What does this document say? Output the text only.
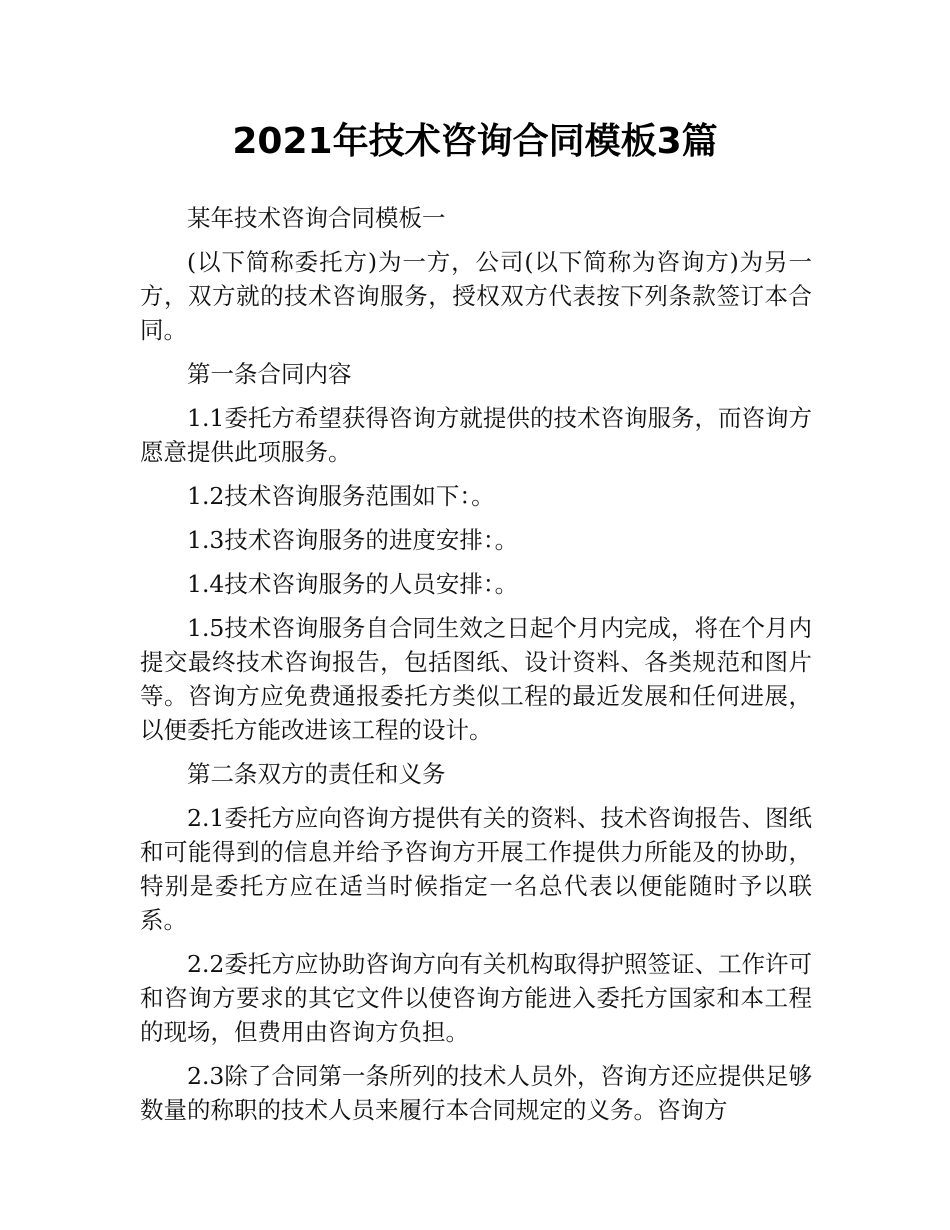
2021年技术咨询合同模板3篇

某年技术咨询合同模板一

(以下简称委托方)为一方，公司(以下简称为咨询方)为另一方，双方就的技术咨询服务，授权双方代表按下列条款签订本合同。

第一条合同内容

1.1委托方希望获得咨询方就提供的技术咨询服务，而咨询方愿意提供此项服务。

1.2技术咨询服务范围如下：。

1.3技术咨询服务的进度安排：。

1.4技术咨询服务的人员安排：。

1.5技术咨询服务自合同生效之日起个月内完成，将在个月内提交最终技术咨询报告，包括图纸、设计资料、各类规范和图片等。咨询方应免费通报委托方类似工程的最近发展和任何进展，以便委托方能改进该工程的设计。

第二条双方的责任和义务

2.1委托方应向咨询方提供有关的资料、技术咨询报告、图纸和可能得到的信息并给予咨询方开展工作提供力所能及的协助，特别是委托方应在适当时候指定一名总代表以便能随时予以联系。

2.2委托方应协助咨询方向有关机构取得护照签证、工作许可和咨询方要求的其它文件以使咨询方能进入委托方国家和本工程的现场，但费用由咨询方负担。

2.3除了合同第一条所列的技术人员外，咨询方还应提供足够数量的称职的技术人员来履行本合同规定的义务。咨询方
